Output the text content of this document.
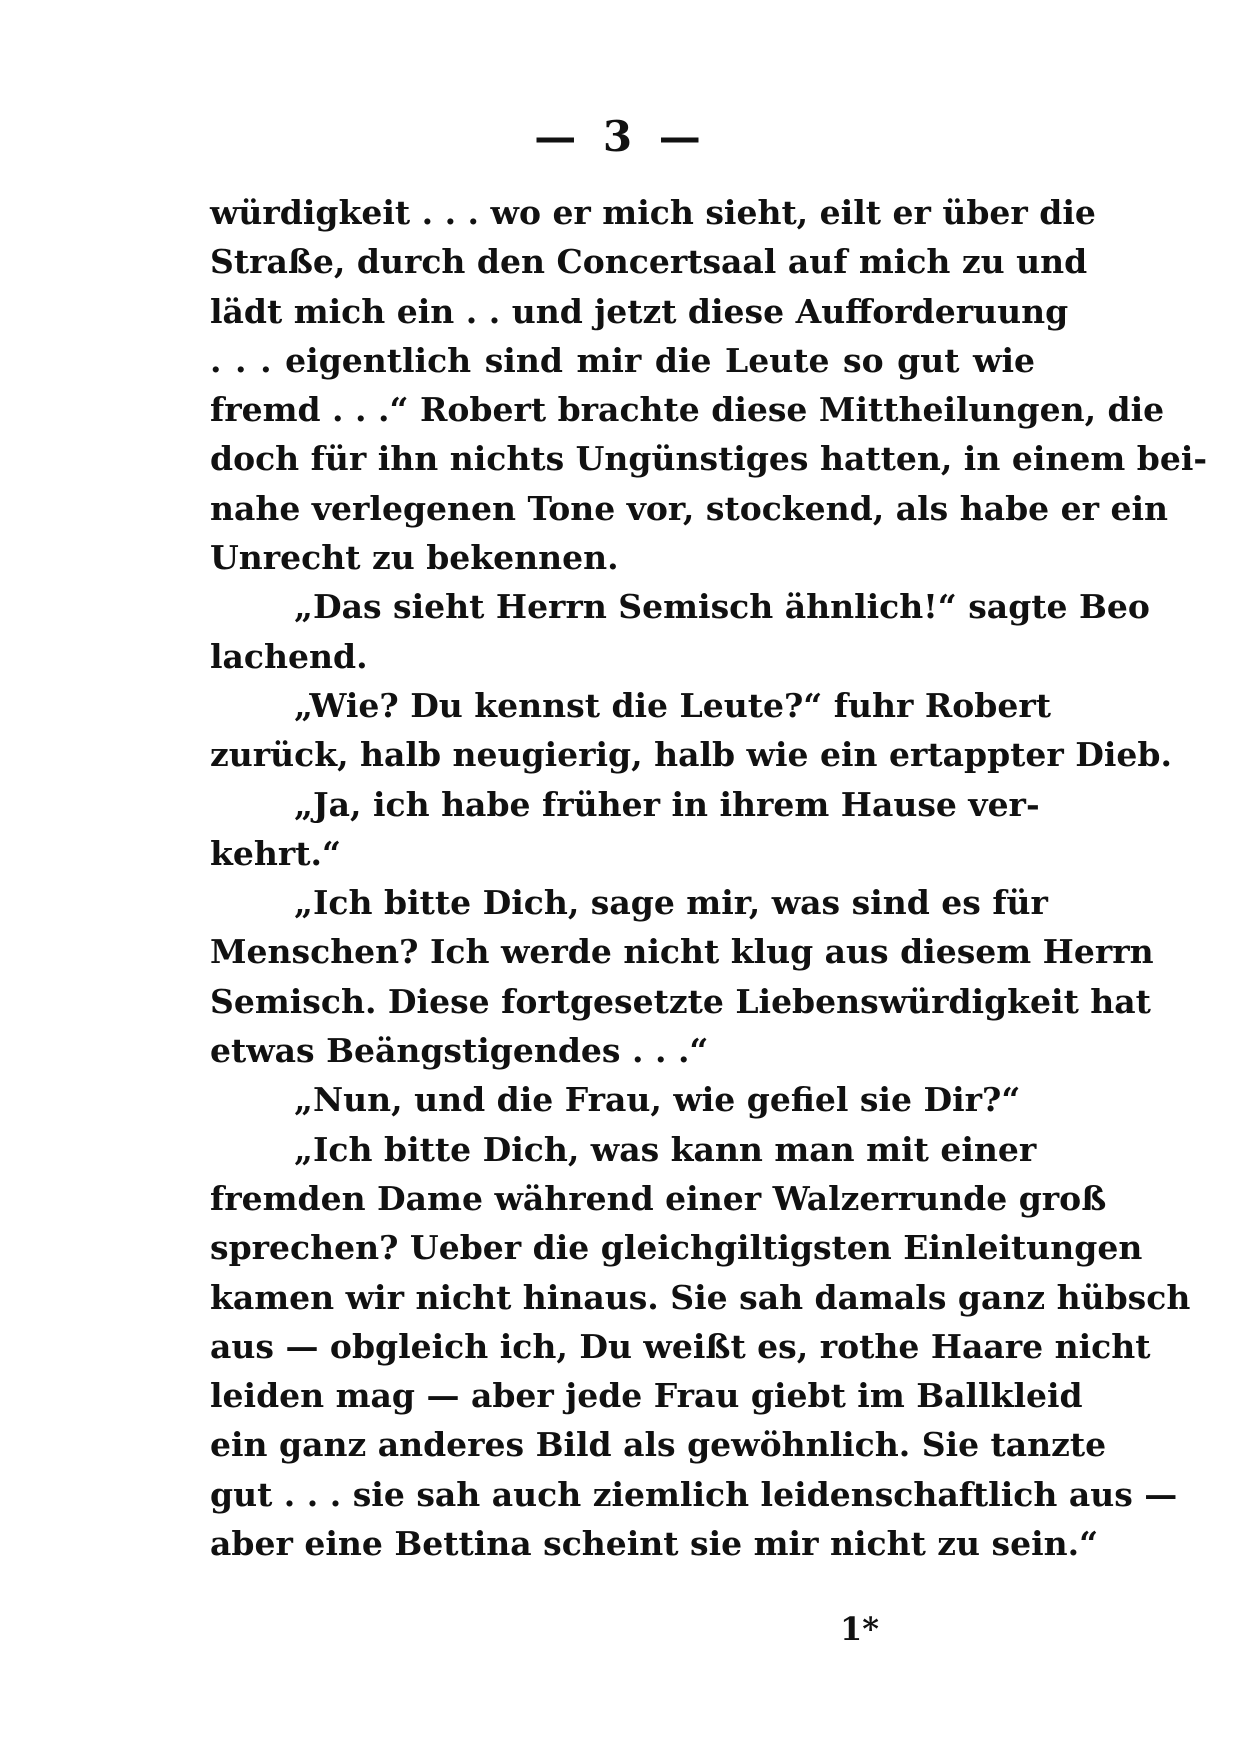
— 3 —
würdigkeit . . . wo er mich sieht, eilt er über die
Straße, durch den Concertsaal auf mich zu und
lädt mich ein . . und jetzt diese Aufforderuung
. . . eigentlich sind mir die Leute so gut wie
fremd . . .“ Robert brachte diese Mittheilungen, die
doch für ihn nichts Ungünstiges hatten, in einem bei-
nahe verlegenen Tone vor, stockend, als habe er ein
Unrecht zu bekennen.
„Das sieht Herrn Semisch ähnlich!“ sagte Beo
lachend.
„Wie? Du kennst die Leute?“ fuhr Robert
zurück, halb neugierig, halb wie ein ertappter Dieb.
„Ja, ich habe früher in ihrem Hause ver-
kehrt.“
„Ich bitte Dich, sage mir, was sind es für
Menschen? Ich werde nicht klug aus diesem Herrn
Semisch. Diese fortgesetzte Liebenswürdigkeit hat
etwas Beängstigendes . . .“
„Nun, und die Frau, wie gefiel sie Dir?“
„Ich bitte Dich, was kann man mit einer
fremden Dame während einer Walzerrunde groß
sprechen? Ueber die gleichgiltigsten Einleitungen
kamen wir nicht hinaus. Sie sah damals ganz hübsch
aus — obgleich ich, Du weißt es, rothe Haare nicht
leiden mag — aber jede Frau giebt im Ballkleid
ein ganz anderes Bild als gewöhnlich. Sie tanzte
gut . . . sie sah auch ziemlich leidenschaftlich aus —
aber eine Bettina scheint sie mir nicht zu sein.“
1*
